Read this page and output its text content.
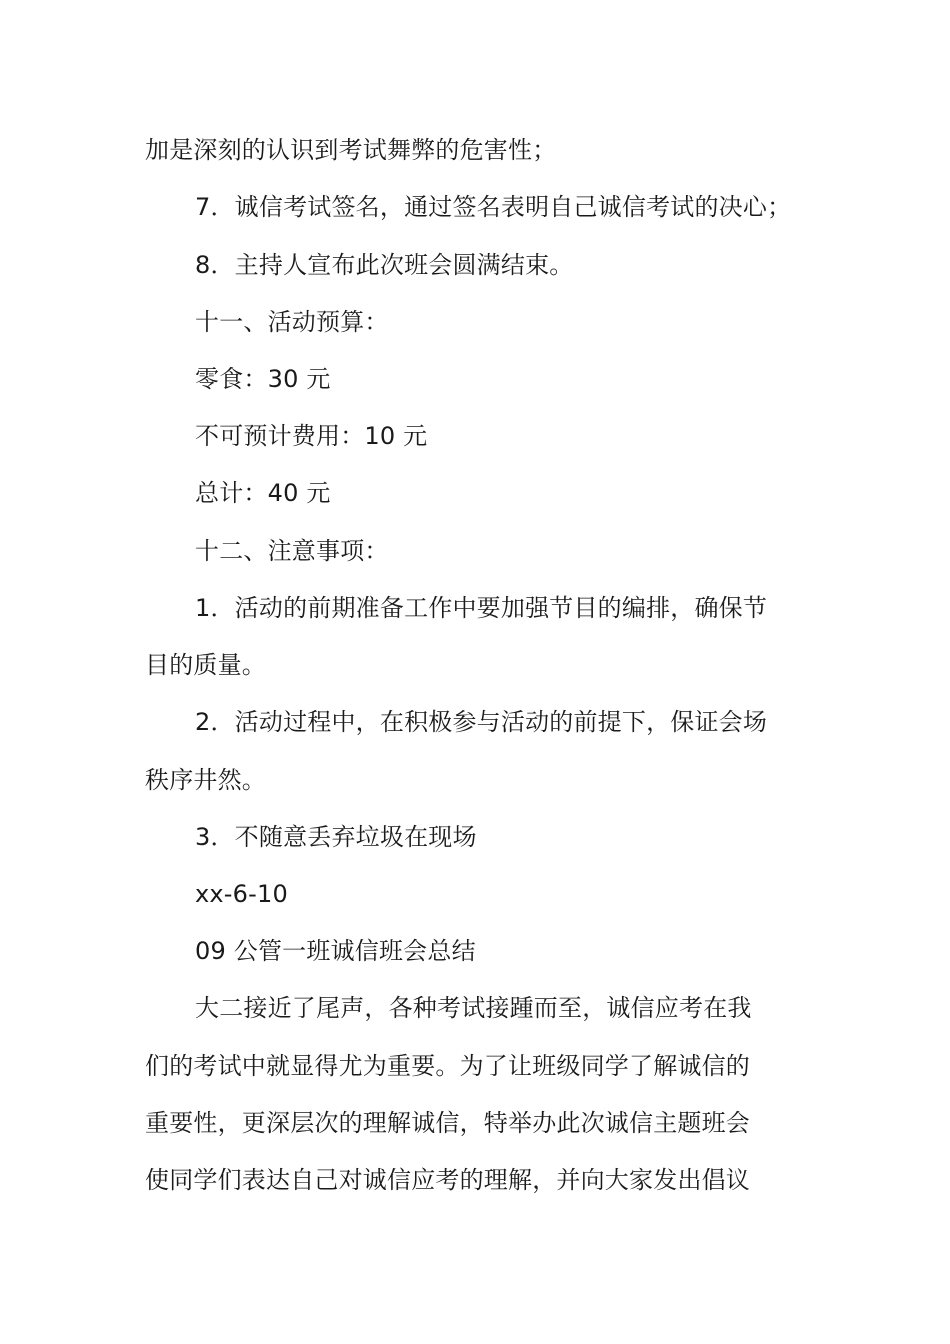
加是深刻的认识到考试舞弊的危害性；
7．诚信考试签名，通过签名表明自己诚信考试的决心；
8．主持人宣布此次班会圆满结束。
十一、活动预算：
零食：30 元
不可预计费用：10 元
总计：40 元
十二、注意事项：
1．活动的前期准备工作中要加强节目的编排，确保节
目的质量。
2．活动过程中，在积极参与活动的前提下，保证会场
秩序井然。
3．不随意丢弃垃圾在现场
xx-6-10
09 公管一班诚信班会总结
大二接近了尾声，各种考试接踵而至，诚信应考在我
们的考试中就显得尤为重要。为了让班级同学了解诚信的
重要性，更深层次的理解诚信，特举办此次诚信主题班会
使同学们表达自己对诚信应考的理解，并向大家发出倡议
